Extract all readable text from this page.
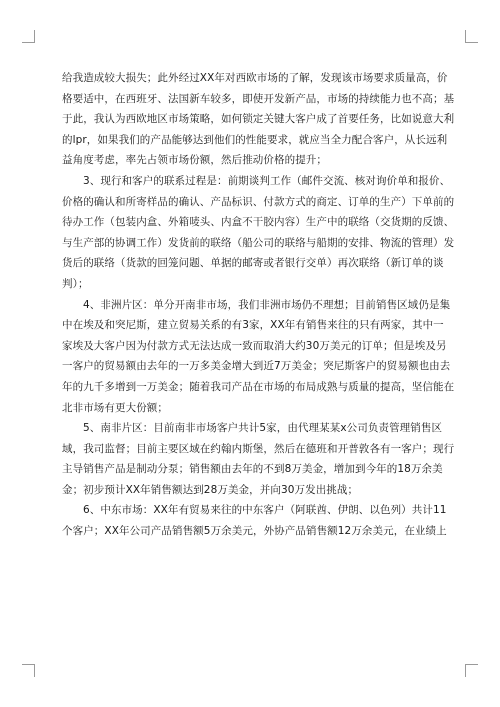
给我造成较大损失；此外经过XX年对西欧市场的了解，发现该市场要求质量高，价
格要适中，在西班牙、法国新车较多，即使开发新产品，市场的持续能力也不高；基
于此，我认为西欧地区市场策略，如何锁定关键大客户成了首要任务，比如说意大利
的lpr，如果我们的产品能够达到他们的性能要求，就应当全力配合客户，从长远利
益角度考虑，率先占领市场份额，然后推动价格的提升；
3、现行和客户的联系过程是：前期谈判工作（邮件交流、核对询价单和报价、
价格的确认和所寄样品的确认、产品标识、付款方式的商定、订单的生产）下单前的
待办工作（包装内盒、外箱唛头、内盒不干胶内容）生产中的联络（交货期的反馈、
与生产部的协调工作）发货前的联络（船公司的联络与船期的安排、物流的管理）发
货后的联络（货款的回笼问题、单据的邮寄或者银行交单）再次联络（新订单的谈
判）；
4、非洲片区：单分开南非市场，我们非洲市场仍不理想；目前销售区域仍是集
中在埃及和突尼斯，建立贸易关系的有3家，XX年有销售来往的只有两家，其中一
家埃及大客户因为付款方式无法达成一致而取消大约30万美元的订单；但是埃及另
一客户的贸易额由去年的一万多美金增大到近7万美金；突尼斯客户的贸易额也由去
年的九千多增到一万美金；随着我司产品在市场的布局成熟与质量的提高，坚信能在
北非市场有更大份额；
5、南非片区：目前南非市场客户共计5家，由代理某某x公司负责管理销售区
域，我司监督；目前主要区域在约翰内斯堡，然后在德班和开普敦各有一客户；现行
主导销售产品是制动分泵；销售额由去年的不到8万美金，增加到今年的18万余美
金；初步预计XX年销售额达到28万美金，并向30万发出挑战；
6、中东市场：XX年有贸易来往的中东客户（阿联酋、伊朗、以色列）共计11
个客户；XX年公司产品销售额5万余美元，外协产品销售额12万余美元，在业绩上
